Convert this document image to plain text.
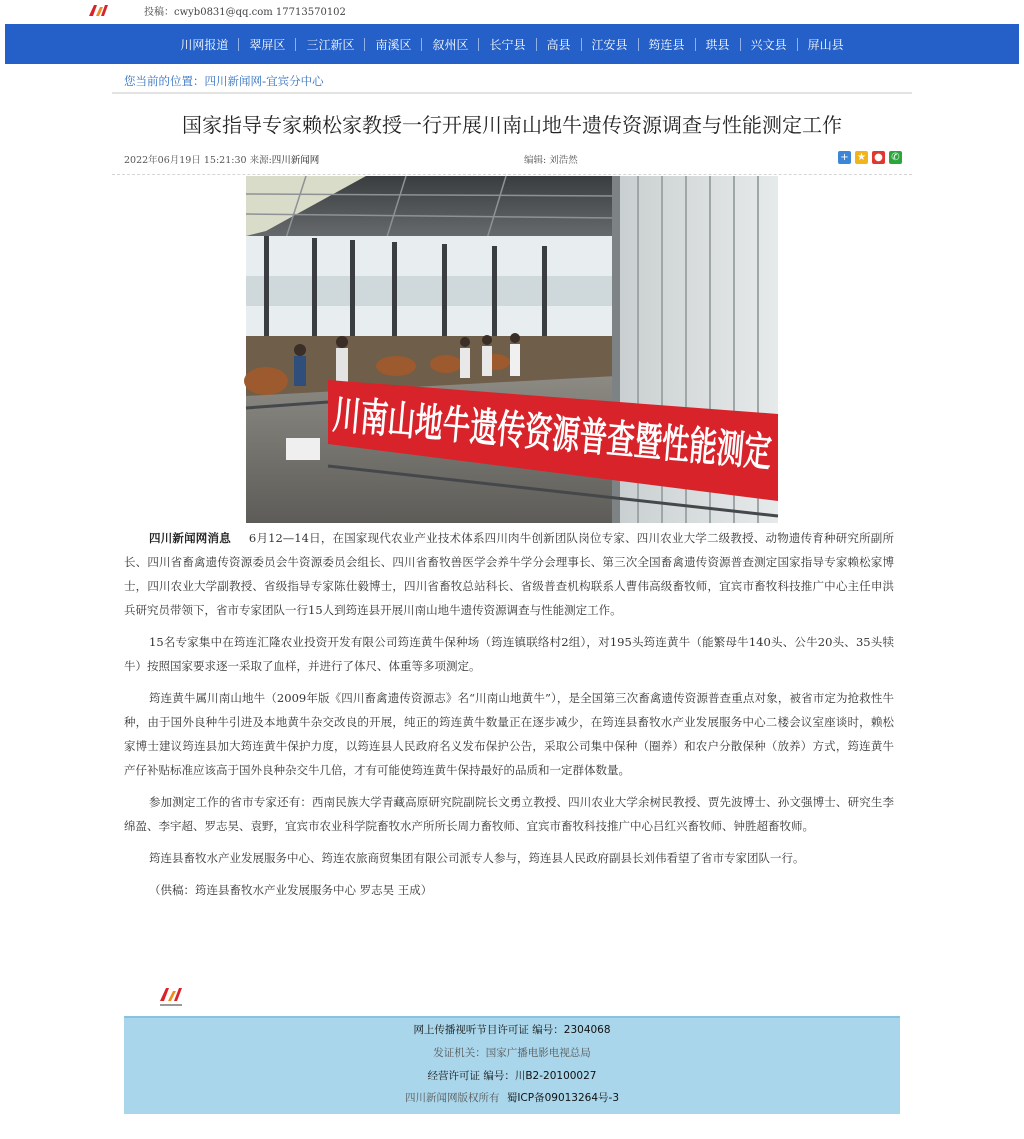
投稿：cwyb0831@qq.com 17713570102
川网报道 翠屏区 三江新区 南溪区 叙州区 长宁县 高县 江安县 筠连县 珙县 兴文县 屏山县
您当前的位置：四川新闻网-宜宾分中心
国家指导专家赖松家教授一行开展川南山地牛遗传资源调查与性能测定工作
2022年06月19日 15:21:30 来源:四川新闻网	编辑: 刘浩然	+ ★ ● ✆
川南山地牛遗传资源普查暨性能测定

四川新闻网消息 6月12—14日，在国家现代农业产业技术体系四川肉牛创新团队岗位专家、四川农业大学二级教授、动物遗传育种研究所副所长、四川省畜禽遗传资源委员会牛资源委员会组长、四川省畜牧兽医学会养牛学分会理事长、第三次全国畜禽遗传资源普查测定国家指导专家赖松家博士，四川农业大学副教授、省级指导专家陈仕毅博士，四川省畜牧总站科长、省级普查机构联系人曹伟高级畜牧师，宜宾市畜牧科技推广中心主任申洪兵研究员带领下，省市专家团队一行15人到筠连县开展川南山地牛遗传资源调查与性能测定工作。

15名专家集中在筠连汇隆农业投资开发有限公司筠连黄牛保种场（筠连镇联络村2组），对195头筠连黄牛（能繁母牛140头、公牛20头、35头犊牛）按照国家要求逐一采取了血样，并进行了体尺、体重等多项测定。

筠连黄牛属川南山地牛（2009年版《四川畜禽遗传资源志》名“川南山地黄牛”），是全国第三次畜禽遗传资源普查重点对象，被省市定为抢救性牛种，由于国外良种牛引进及本地黄牛杂交改良的开展，纯正的筠连黄牛数量正在逐步减少，在筠连县畜牧水产业发展服务中心二楼会议室座谈时，赖松家博士建议筠连县加大筠连黄牛保护力度，以筠连县人民政府名义发布保护公告，采取公司集中保种（圈养）和农户分散保种（放养）方式，筠连黄牛产仔补贴标准应该高于国外良种杂交牛几倍，才有可能使筠连黄牛保持最好的品质和一定群体数量。

参加测定工作的省市专家还有：西南民族大学青藏高原研究院副院长文勇立教授、四川农业大学余树民教授、贾先波博士、孙文强博士、研究生李绵盈、李宇超、罗志昊、袁野，宜宾市农业科学院畜牧水产所所长周力畜牧师、宜宾市畜牧科技推广中心吕红兴畜牧师、钟胜超畜牧师。

筠连县畜牧水产业发展服务中心、筠连农旅商贸集团有限公司派专人参与，筠连县人民政府副县长刘伟看望了省市专家团队一行。

（供稿：筠连县畜牧水产业发展服务中心 罗志昊 王成）

网上传播视听节目许可证 编号：2304068
发证机关：国家广播电影电视总局
经营许可证 编号：川B2-20100027
四川新闻网版权所有 蜀ICP备09013264号-3
